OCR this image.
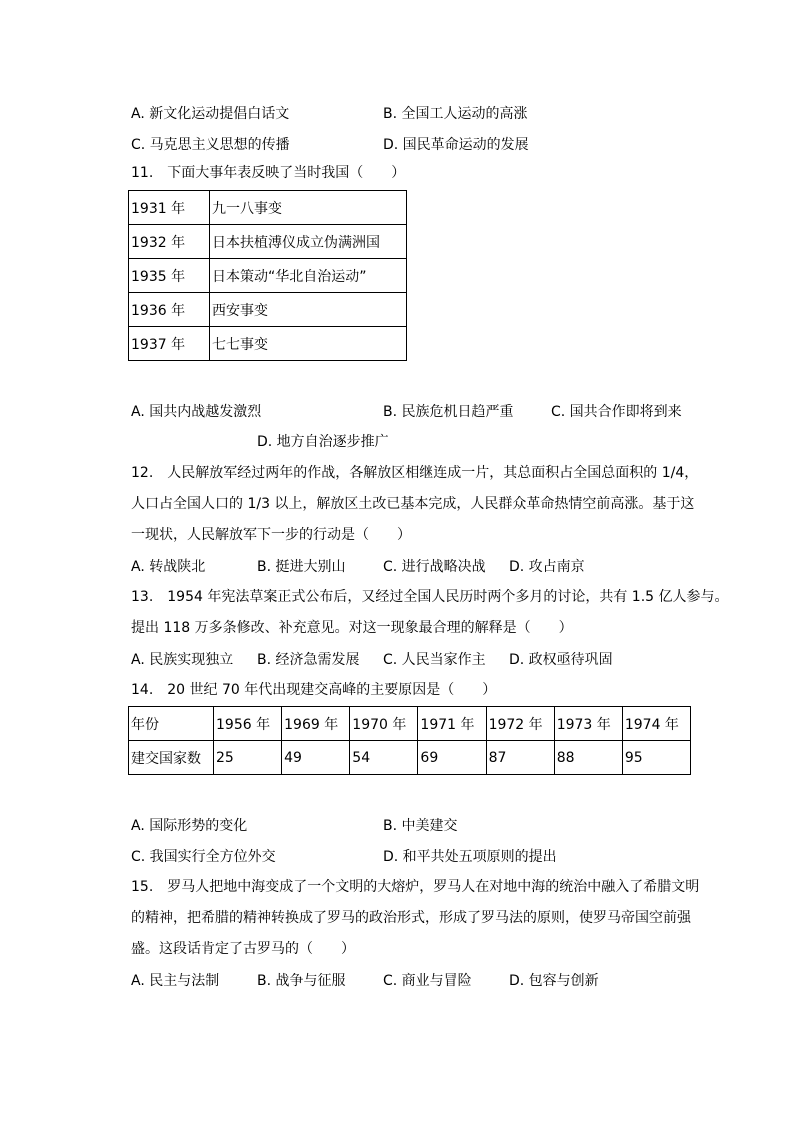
A. 新文化运动提倡白话文	B. 全国工人运动的高涨
C. 马克思主义思想的传播	D. 国民革命运动的发展
11.　下面大事年表反映了当时我国（　　）
1931 年	九一八事变
1932 年	日本扶植溥仪成立伪满洲国
1935 年	日本策动“华北自治运动”
1936 年	西安事变
1937 年	七七事变
A. 国共内战越发激烈	B. 民族危机日趋严重	C. 国共合作即将到来
D. 地方自治逐步推广
12.　人民解放军经过两年的作战，各解放区相继连成一片，其总面积占全国总面积的 1/4，
人口占全国人口的 1/3 以上，解放区土改已基本完成，人民群众革命热情空前高涨。基于这
一现状，人民解放军下一步的行动是（　　）
A. 转战陕北	B. 挺进大别山	C. 进行战略决战 D. 攻占南京
13.　1954 年宪法草案正式公布后，又经过全国人民历时两个多月的讨论，共有 1.5 亿人参与。
提出 118 万多条修改、补充意见。对这一现象最合理的解释是（　　）
A. 民族实现独立 B. 经济急需发展 C. 人民当家作主 D. 政权亟待巩固
14.　20 世纪 70 年代出现建交高峰的主要原因是（　　）
年份	1956 年	1969 年	1970 年	1971 年	1972 年	1973 年	1974 年
建交国家数	25	49	54	69	87	88	95
A. 国际形势的变化	B. 中美建交
C. 我国实行全方位外交	D. 和平共处五项原则的提出
15.　罗马人把地中海变成了一个文明的大熔炉，罗马人在对地中海的统治中融入了希腊文明
的精神，把希腊的精神转换成了罗马的政治形式，形成了罗马法的原则，使罗马帝国空前强
盛。这段话肯定了古罗马的（　　）
A. 民主与法制	B. 战争与征服	C. 商业与冒险	D. 包容与创新
